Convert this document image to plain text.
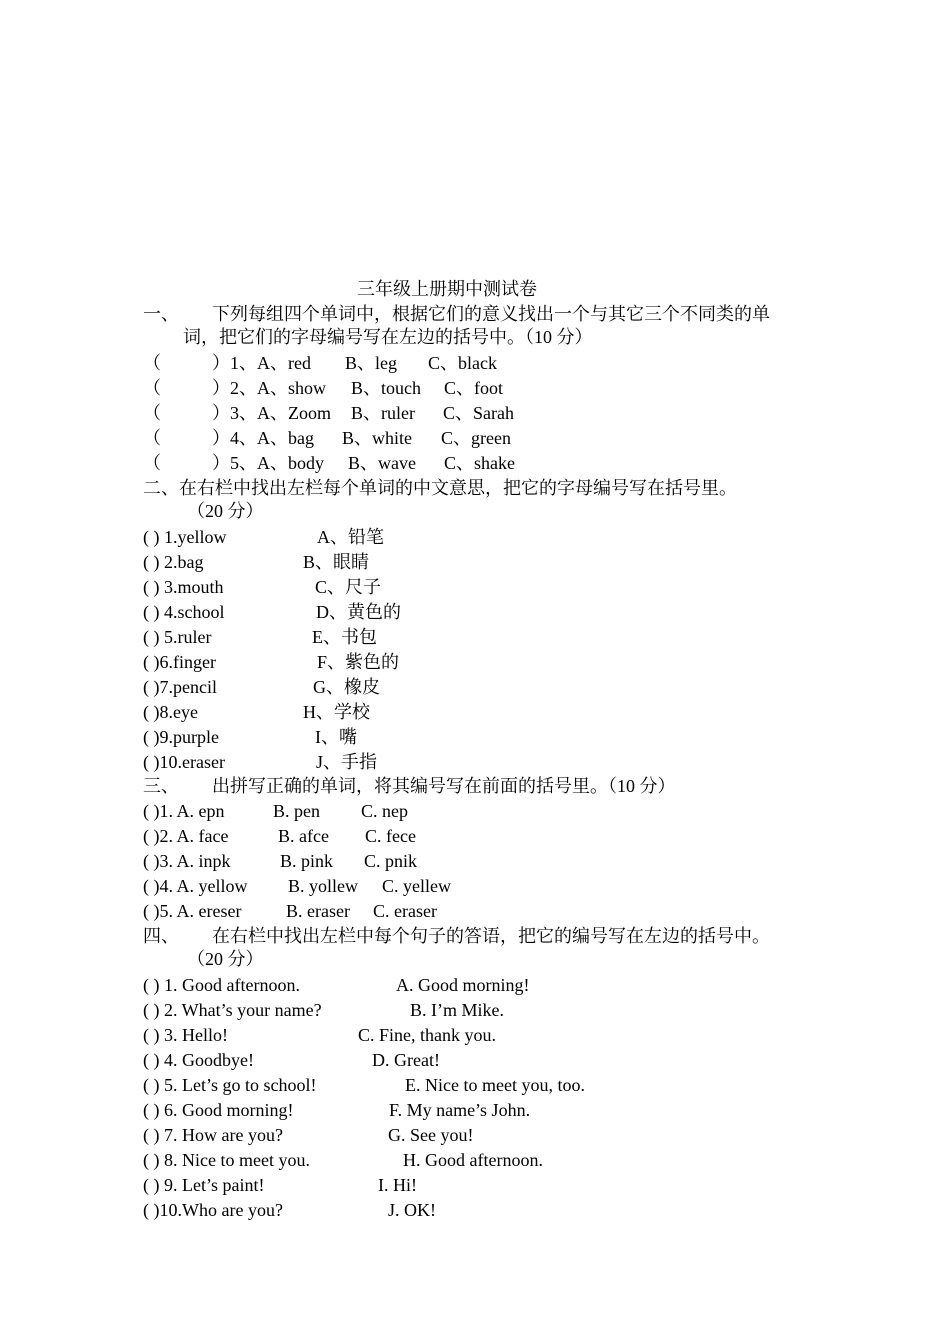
三年级上册期中测试卷
一、 下列每组四个单词中，根据它们的意义找出一个与其它三个不同类的单
词，把它们的字母编号写在左边的括号中。（10 分）
（	） 1、A、red B、leg C、black
（	） 2、A、show B、touch C、foot
（	） 3、A、Zoom B、ruler C、Sarah
（	） 4、A、bag B、white C、green
（	） 5、A、body B、wave C、shake
二、在右栏中找出左栏每个单词的中文意思，把它的字母编号写在括号里。
（20 分）
( ) 1.yellow	A、铅笔
( ) 2.bag	B、眼睛
( ) 3.mouth	C、尺子
( ) 4.school	D、黄色的
( ) 5.ruler	E、书包
( )6.finger	F、紫色的
( )7.pencil	G、橡皮
( )8.eye	H、学校
( )9.purple	I、嘴
( )10.eraser	J、手指
三、 出拼写正确的单词，将其编号写在前面的括号里。（10 分）
( )1. A. epn	B. pen C. nep
( )2. A. face	B. afce C. fece
( )3. A. inpk	B. pink C. pnik
( )4. A. yellow B. yollew C. yellew
( )5. A. ereser B. eraser C. eraser
四、 在右栏中找出左栏中每个句子的答语，把它的编号写在左边的括号中。
（20 分）
( ) 1. Good afternoon.	A. Good morning!
( ) 2. What’s your name?	B. I’m Mike.
( ) 3. Hello!	C. Fine, thank you.
( ) 4. Goodbye!	D. Great!
( ) 5. Let’s go to school!	E. Nice to meet you, too.
( ) 6. Good morning!	F. My name’s John.
( ) 7. How are you?	G. See you!
( ) 8. Nice to meet you.	H. Good afternoon.
( ) 9. Let’s paint!	I. Hi!
( )10.Who are you?	J. OK!
